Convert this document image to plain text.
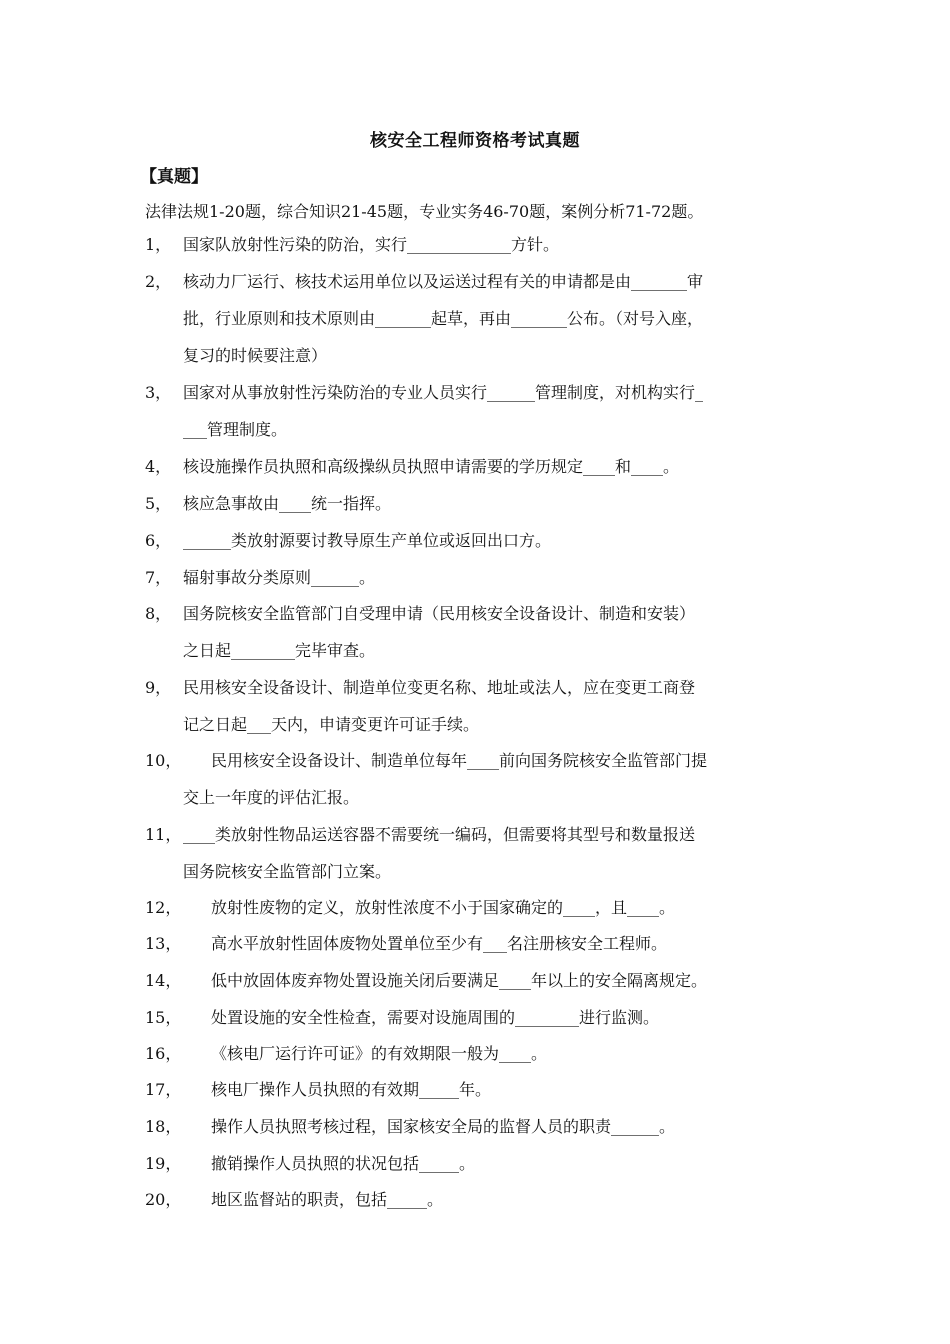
核安全工程师资格考试真题
【真题】
法律法规1-20题，综合知识21-45题，专业实务46-70题，案例分析71-72题。
1， 国家队放射性污染的防治，实行_____________方针。
2， 核动力厂运行、核技术运用单位以及运送过程有关的申请都是由_______审
批，行业原则和技术原则由_______起草，再由_______公布。（对号入座，
复习的时候要注意）
3， 国家对从事放射性污染防治的专业人员实行______管理制度，对机构实行_
___管理制度。
4， 核设施操作员执照和高级操纵员执照申请需要的学历规定____和____。
5， 核应急事故由____统一指挥。
6， ______类放射源要讨教导原生产单位或返回出口方。
7， 辐射事故分类原则______。
8， 国务院核安全监管部门自受理申请（民用核安全设备设计、制造和安装）
之日起________完毕审查。
9， 民用核安全设备设计、制造单位变更名称、地址或法人，应在变更工商登
记之日起___天内，申请变更许可证手续。
10， 民用核安全设备设计、制造单位每年____前向国务院核安全监管部门提
交上一年度的评估汇报。
11， ____类放射性物品运送容器不需要统一编码，但需要将其型号和数量报送
国务院核安全监管部门立案。
12， 放射性废物的定义，放射性浓度不小于国家确定的____，且____。
13， 高水平放射性固体废物处置单位至少有___名注册核安全工程师。
14， 低中放固体废弃物处置设施关闭后要满足____年以上的安全隔离规定。
15， 处置设施的安全性检查，需要对设施周围的________进行监测。
16， 《核电厂运行许可证》的有效期限一般为____。
17， 核电厂操作人员执照的有效期_____年。
18， 操作人员执照考核过程，国家核安全局的监督人员的职责______。
19， 撤销操作人员执照的状况包括_____。
20， 地区监督站的职责，包括_____。
